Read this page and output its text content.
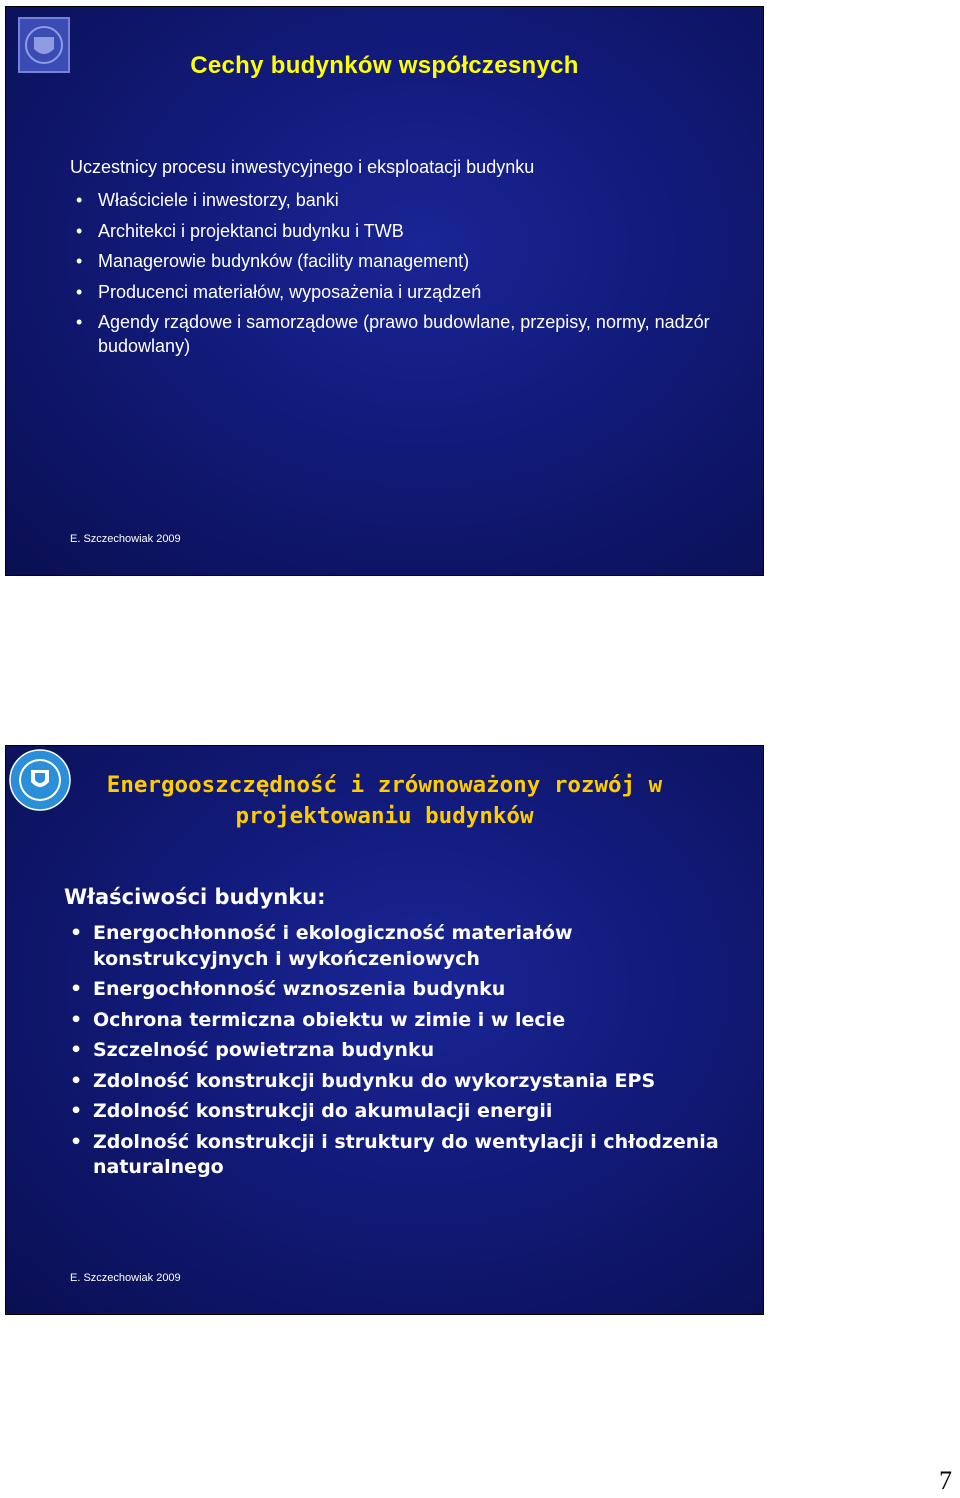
Cechy budynków współczesnych

Uczestnicy procesu inwestycyjnego i eksploatacji budynku

• Właściciele i inwestorzy, banki
• Architekci i projektanci budynku i TWB
• Managerowie budynków (facility management)
• Producenci materiałów, wyposażenia i urządzeń
• Agendy rządowe i samorządowe (prawo budowlane, przepisy, normy, nadzór budowlany)
E. Szczechowiak 2009
Energooszczędność i zrównoważony rozwój w projektowaniu budynków

Właściwości budynku:

• Energochłonność i ekologiczność materiałów konstrukcyjnych i wykończeniowych
• Energochłonność wznoszenia budynku
• Ochrona termiczna obiektu w zimie i w lecie
• Szczelność powietrzna budynku
• Zdolność konstrukcji budynku do wykorzystania EPS
• Zdolność konstrukcji do akumulacji energii
• Zdolność konstrukcji i struktury do wentylacji i chłodzenia naturalnego
E. Szczechowiak 2009
7
